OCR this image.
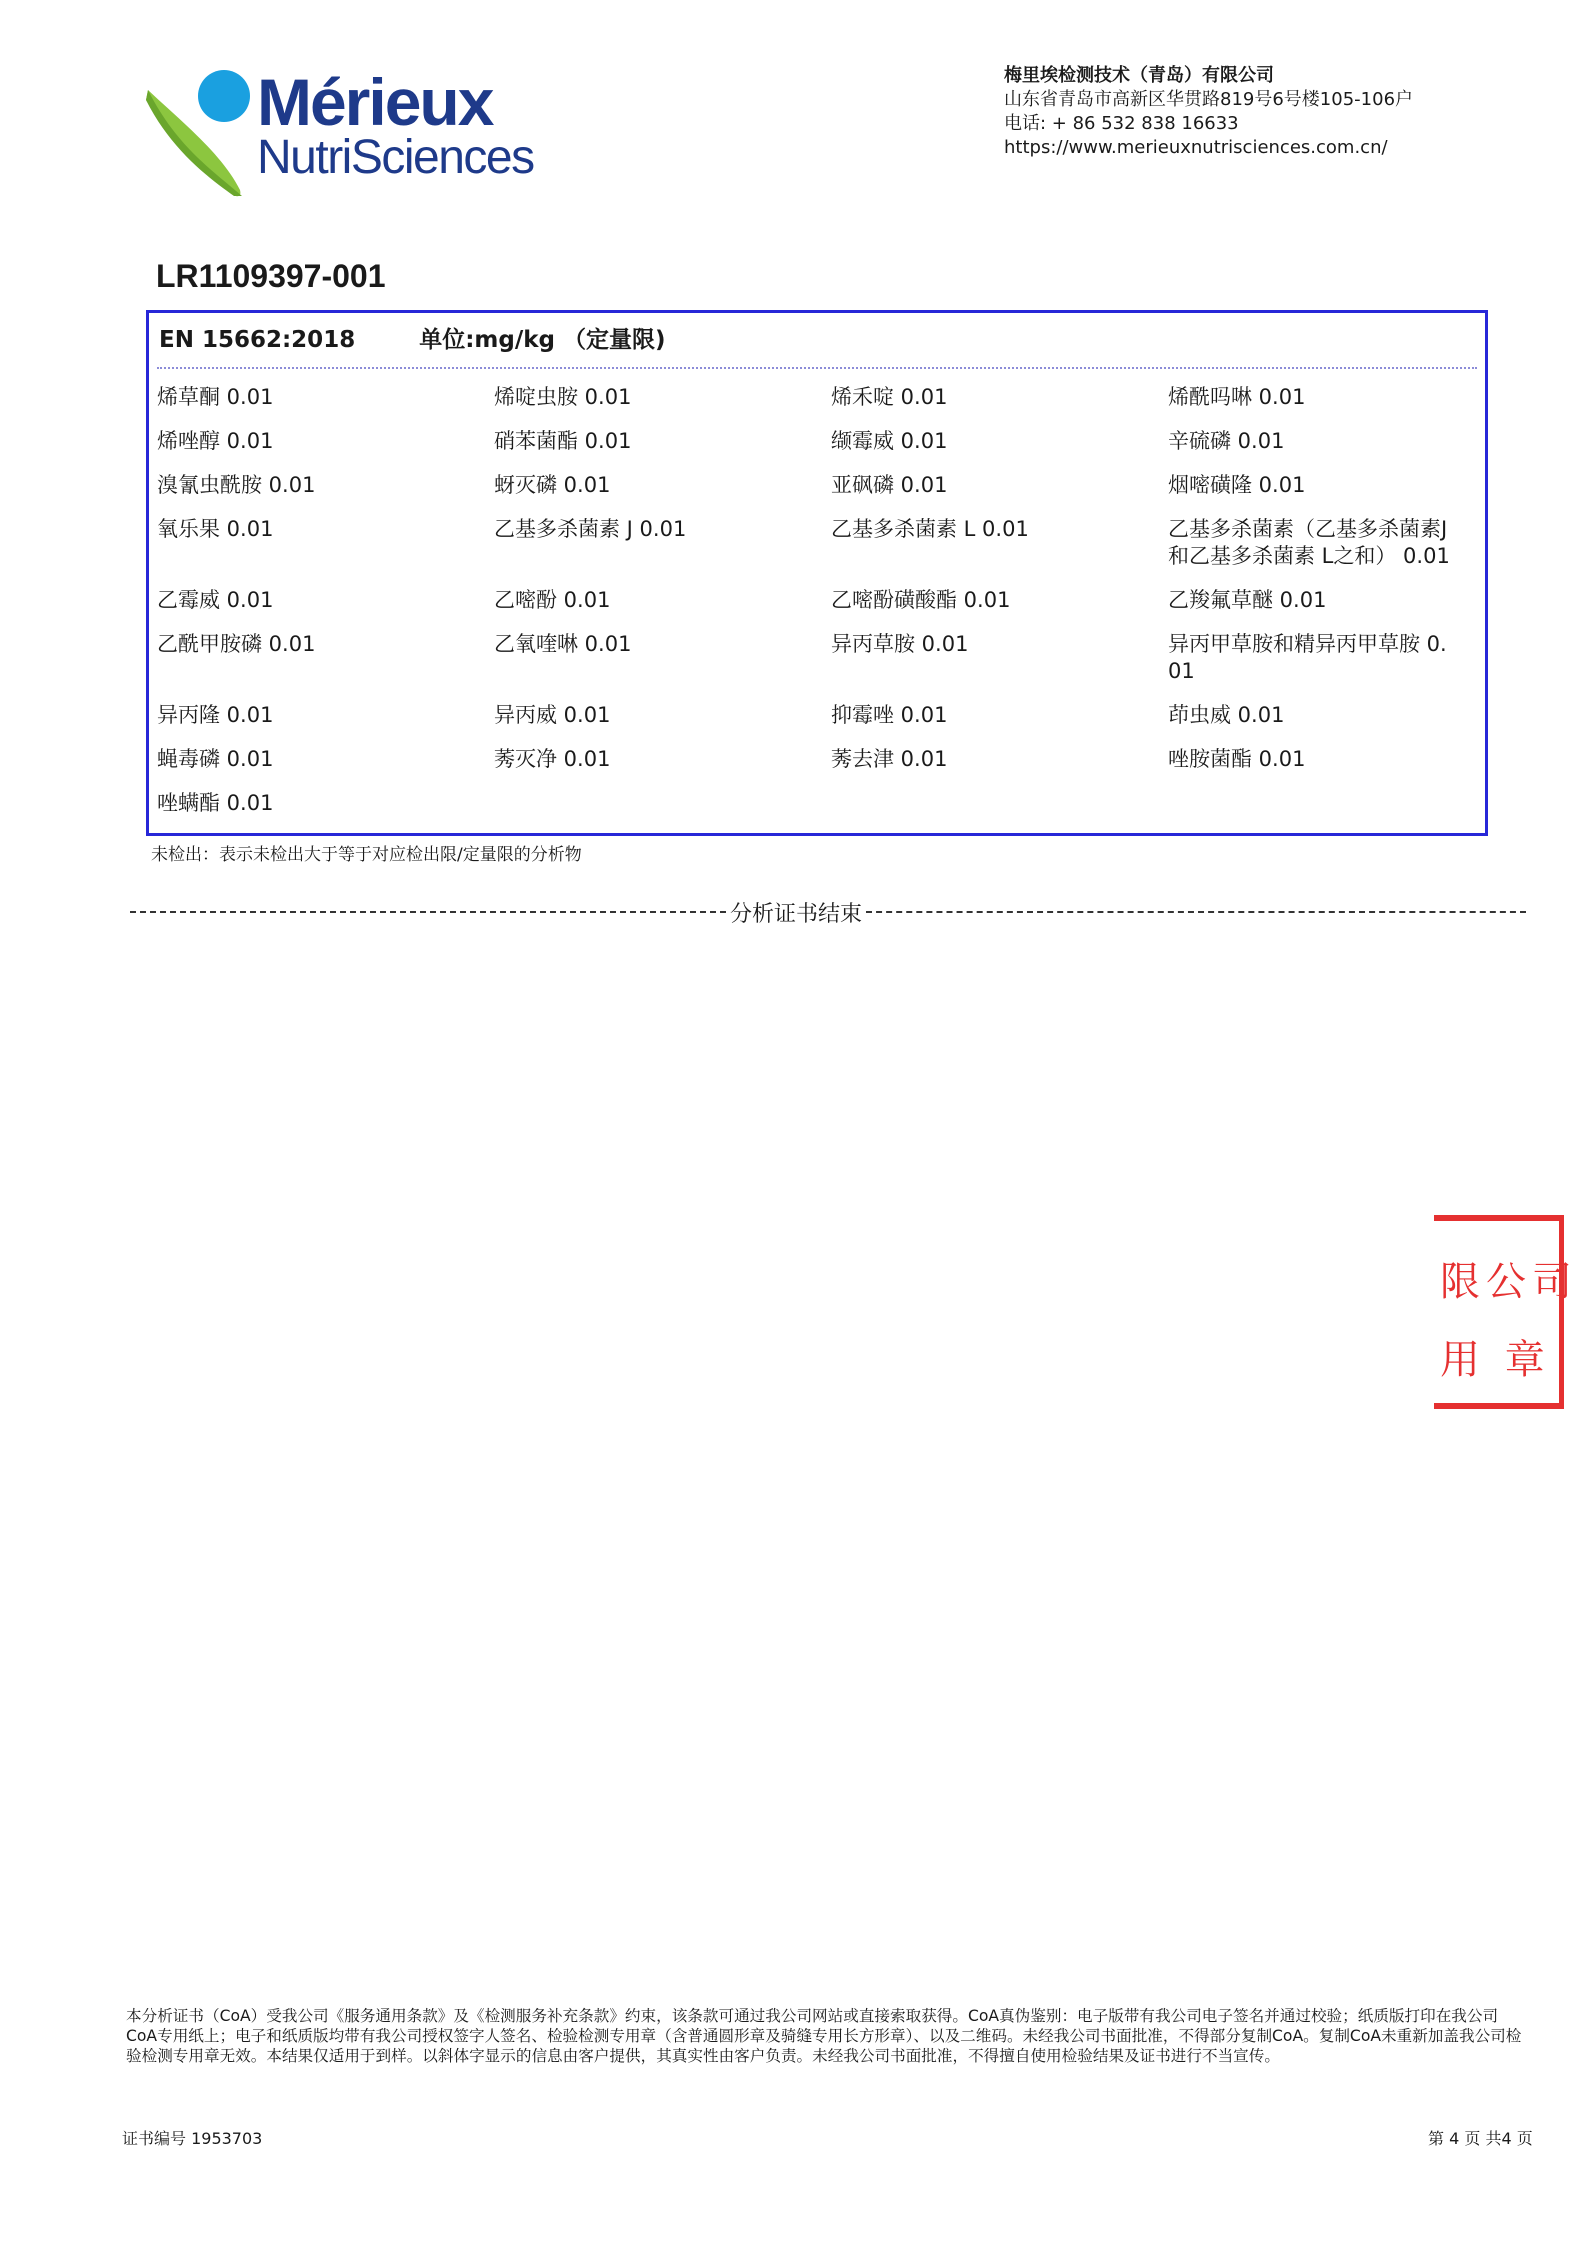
Mérieux
NutriSciences
梅里埃检测技术（青岛）有限公司
山东省青岛市高新区华贯路819号6号楼105-106户
电话: + 86 532 838 16633
https://www.merieuxnutrisciences.com.cn/
LR1109397-001
EN 15662:2018	单位:mg/kg （定量限)
烯草酮 0.01	烯啶虫胺 0.01	烯禾啶 0.01	烯酰吗啉 0.01
烯唑醇 0.01	硝苯菌酯 0.01	缬霉威 0.01	辛硫磷 0.01
溴氰虫酰胺 0.01	蚜灭磷 0.01	亚砜磷 0.01	烟嘧磺隆 0.01
氧乐果 0.01	乙基多杀菌素 J 0.01	乙基多杀菌素 L 0.01	乙基多杀菌素（乙基多杀菌素J和乙基多杀菌素 L之和） 0.01
乙霉威 0.01	乙嘧酚 0.01	乙嘧酚磺酸酯 0.01	乙羧氟草醚 0.01
乙酰甲胺磷 0.01	乙氧喹啉 0.01	异丙草胺 0.01	异丙甲草胺和精异丙甲草胺 0.01
异丙隆 0.01	异丙威 0.01	抑霉唑 0.01	茚虫威 0.01
蝇毒磷 0.01	莠灭净 0.01	莠去津 0.01	唑胺菌酯 0.01
唑螨酯 0.01
未检出：表示未检出大于等于对应检出限/定量限的分析物
分析证书结束
限公司
用 章
本分析证书（CoA）受我公司《服务通用条款》及《检测服务补充条款》约束，该条款可通过我公司网站或直接索取获得。CoA真伪鉴别：电子版带有我公司电子签名并通过校验；纸质版打印在我公司CoA专用纸上；电子和纸质版均带有我公司授权签字人签名、检验检测专用章（含普通圆形章及骑缝专用长方形章）、以及二维码。未经我公司书面批准，不得部分复制CoA。复制CoA未重新加盖我公司检验检测专用章无效。本结果仅适用于到样。以斜体字显示的信息由客户提供，其真实性由客户负责。未经我公司书面批准，不得擅自使用检验结果及证书进行不当宣传。
证书编号 1953703	第 4 页 共4 页
